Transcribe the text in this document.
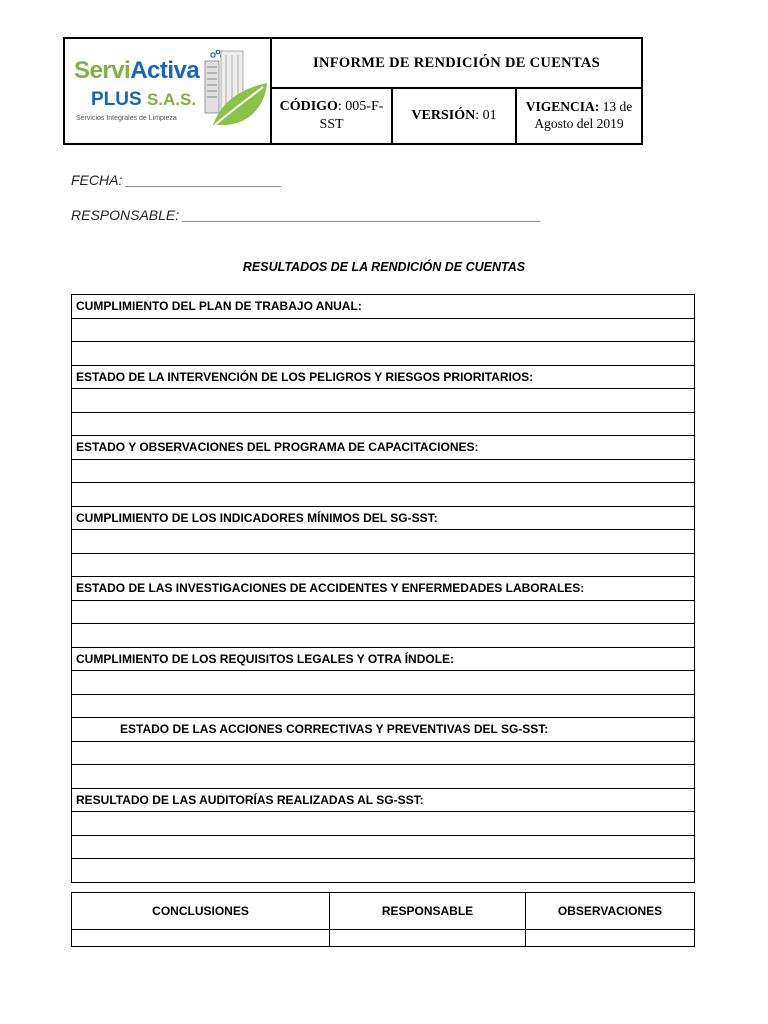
ServiActiva
PLUS S.A.S.
Servicios Integrales de Limpieza
INFORME DE RENDICIÓN DE CUENTAS
CÓDIGO: 005-F-SST
VERSIÓN: 01
VIGENCIA: 13 de Agosto del 2019
FECHA: ____________________
RESPONSABLE: ______________________________________________
RESULTADOS DE LA RENDICIÓN DE CUENTAS
CUMPLIMIENTO DEL PLAN DE TRABAJO ANUAL:

ESTADO DE LA INTERVENCIÓN DE LOS PELIGROS Y RIESGOS PRIORITARIOS:

ESTADO Y OBSERVACIONES DEL PROGRAMA DE CAPACITACIONES:

CUMPLIMIENTO DE LOS INDICADORES MÍNIMOS DEL SG-SST:

ESTADO DE LAS INVESTIGACIONES DE ACCIDENTES Y ENFERMEDADES LABORALES:

CUMPLIMIENTO DE LOS REQUISITOS LEGALES Y OTRA ÍNDOLE:

ESTADO DE LAS ACCIONES CORRECTIVAS Y PREVENTIVAS DEL SG-SST:

RESULTADO DE LAS AUDITORÍAS REALIZADAS AL SG-SST:

CONCLUSIONES	RESPONSABLE	OBSERVACIONES
